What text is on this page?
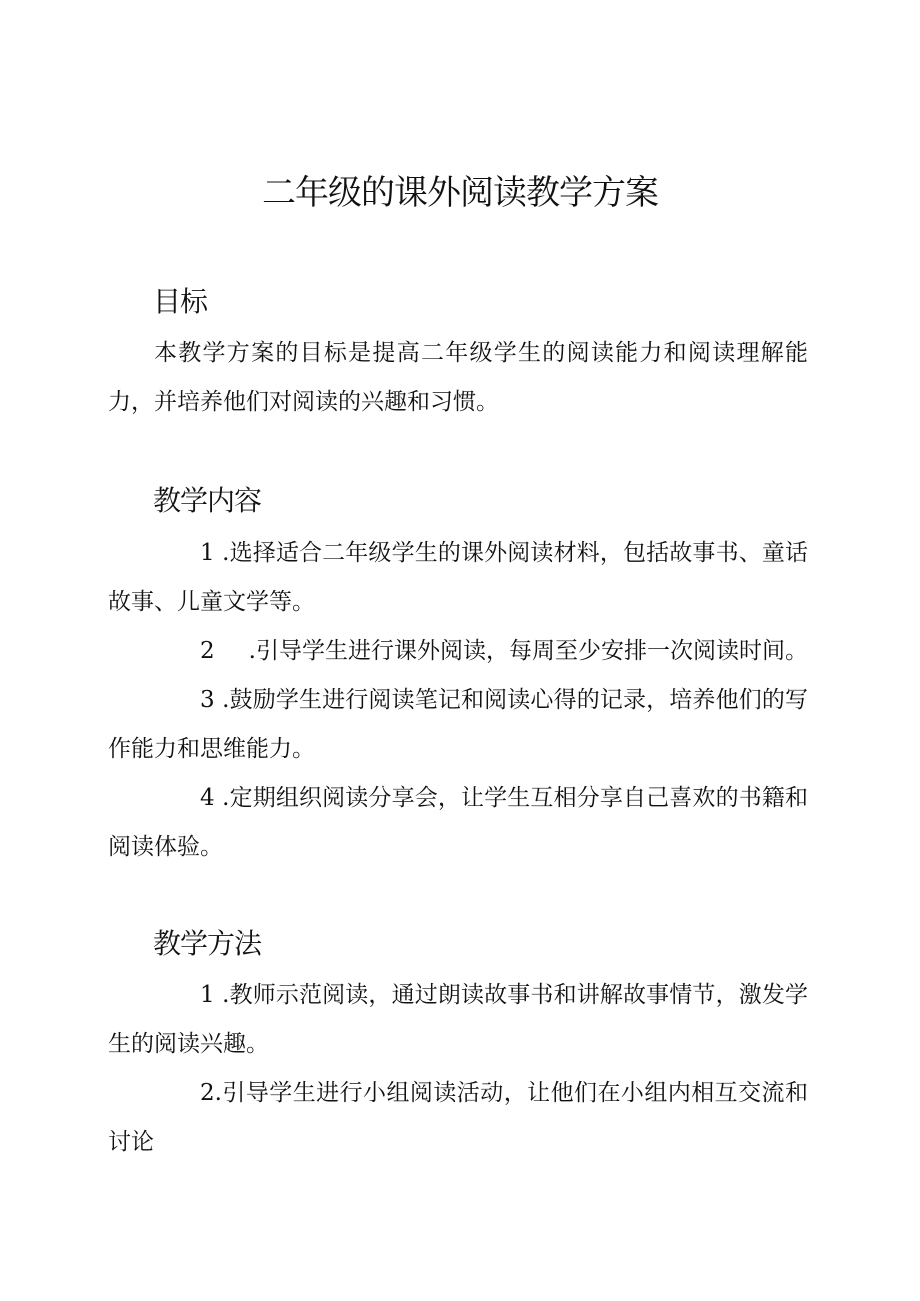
二年级的课外阅读教学方案
目标

本教学方案的目标是提高二年级学生的阅读能力和阅读理解能力，并培养他们对阅读的兴趣和习惯。

教学内容

1 .选择适合二年级学生的课外阅读材料，包括故事书、童话故事、儿童文学等。

2 .引导学生进行课外阅读，每周至少安排一次阅读时间。

3 .鼓励学生进行阅读笔记和阅读心得的记录，培养他们的写作能力和思维能力。

4 .定期组织阅读分享会，让学生互相分享自己喜欢的书籍和阅读体验。

教学方法

1 .教师示范阅读，通过朗读故事书和讲解故事情节，激发学生的阅读兴趣。

2.引导学生进行小组阅读活动，让他们在小组内相互交流和讨论
